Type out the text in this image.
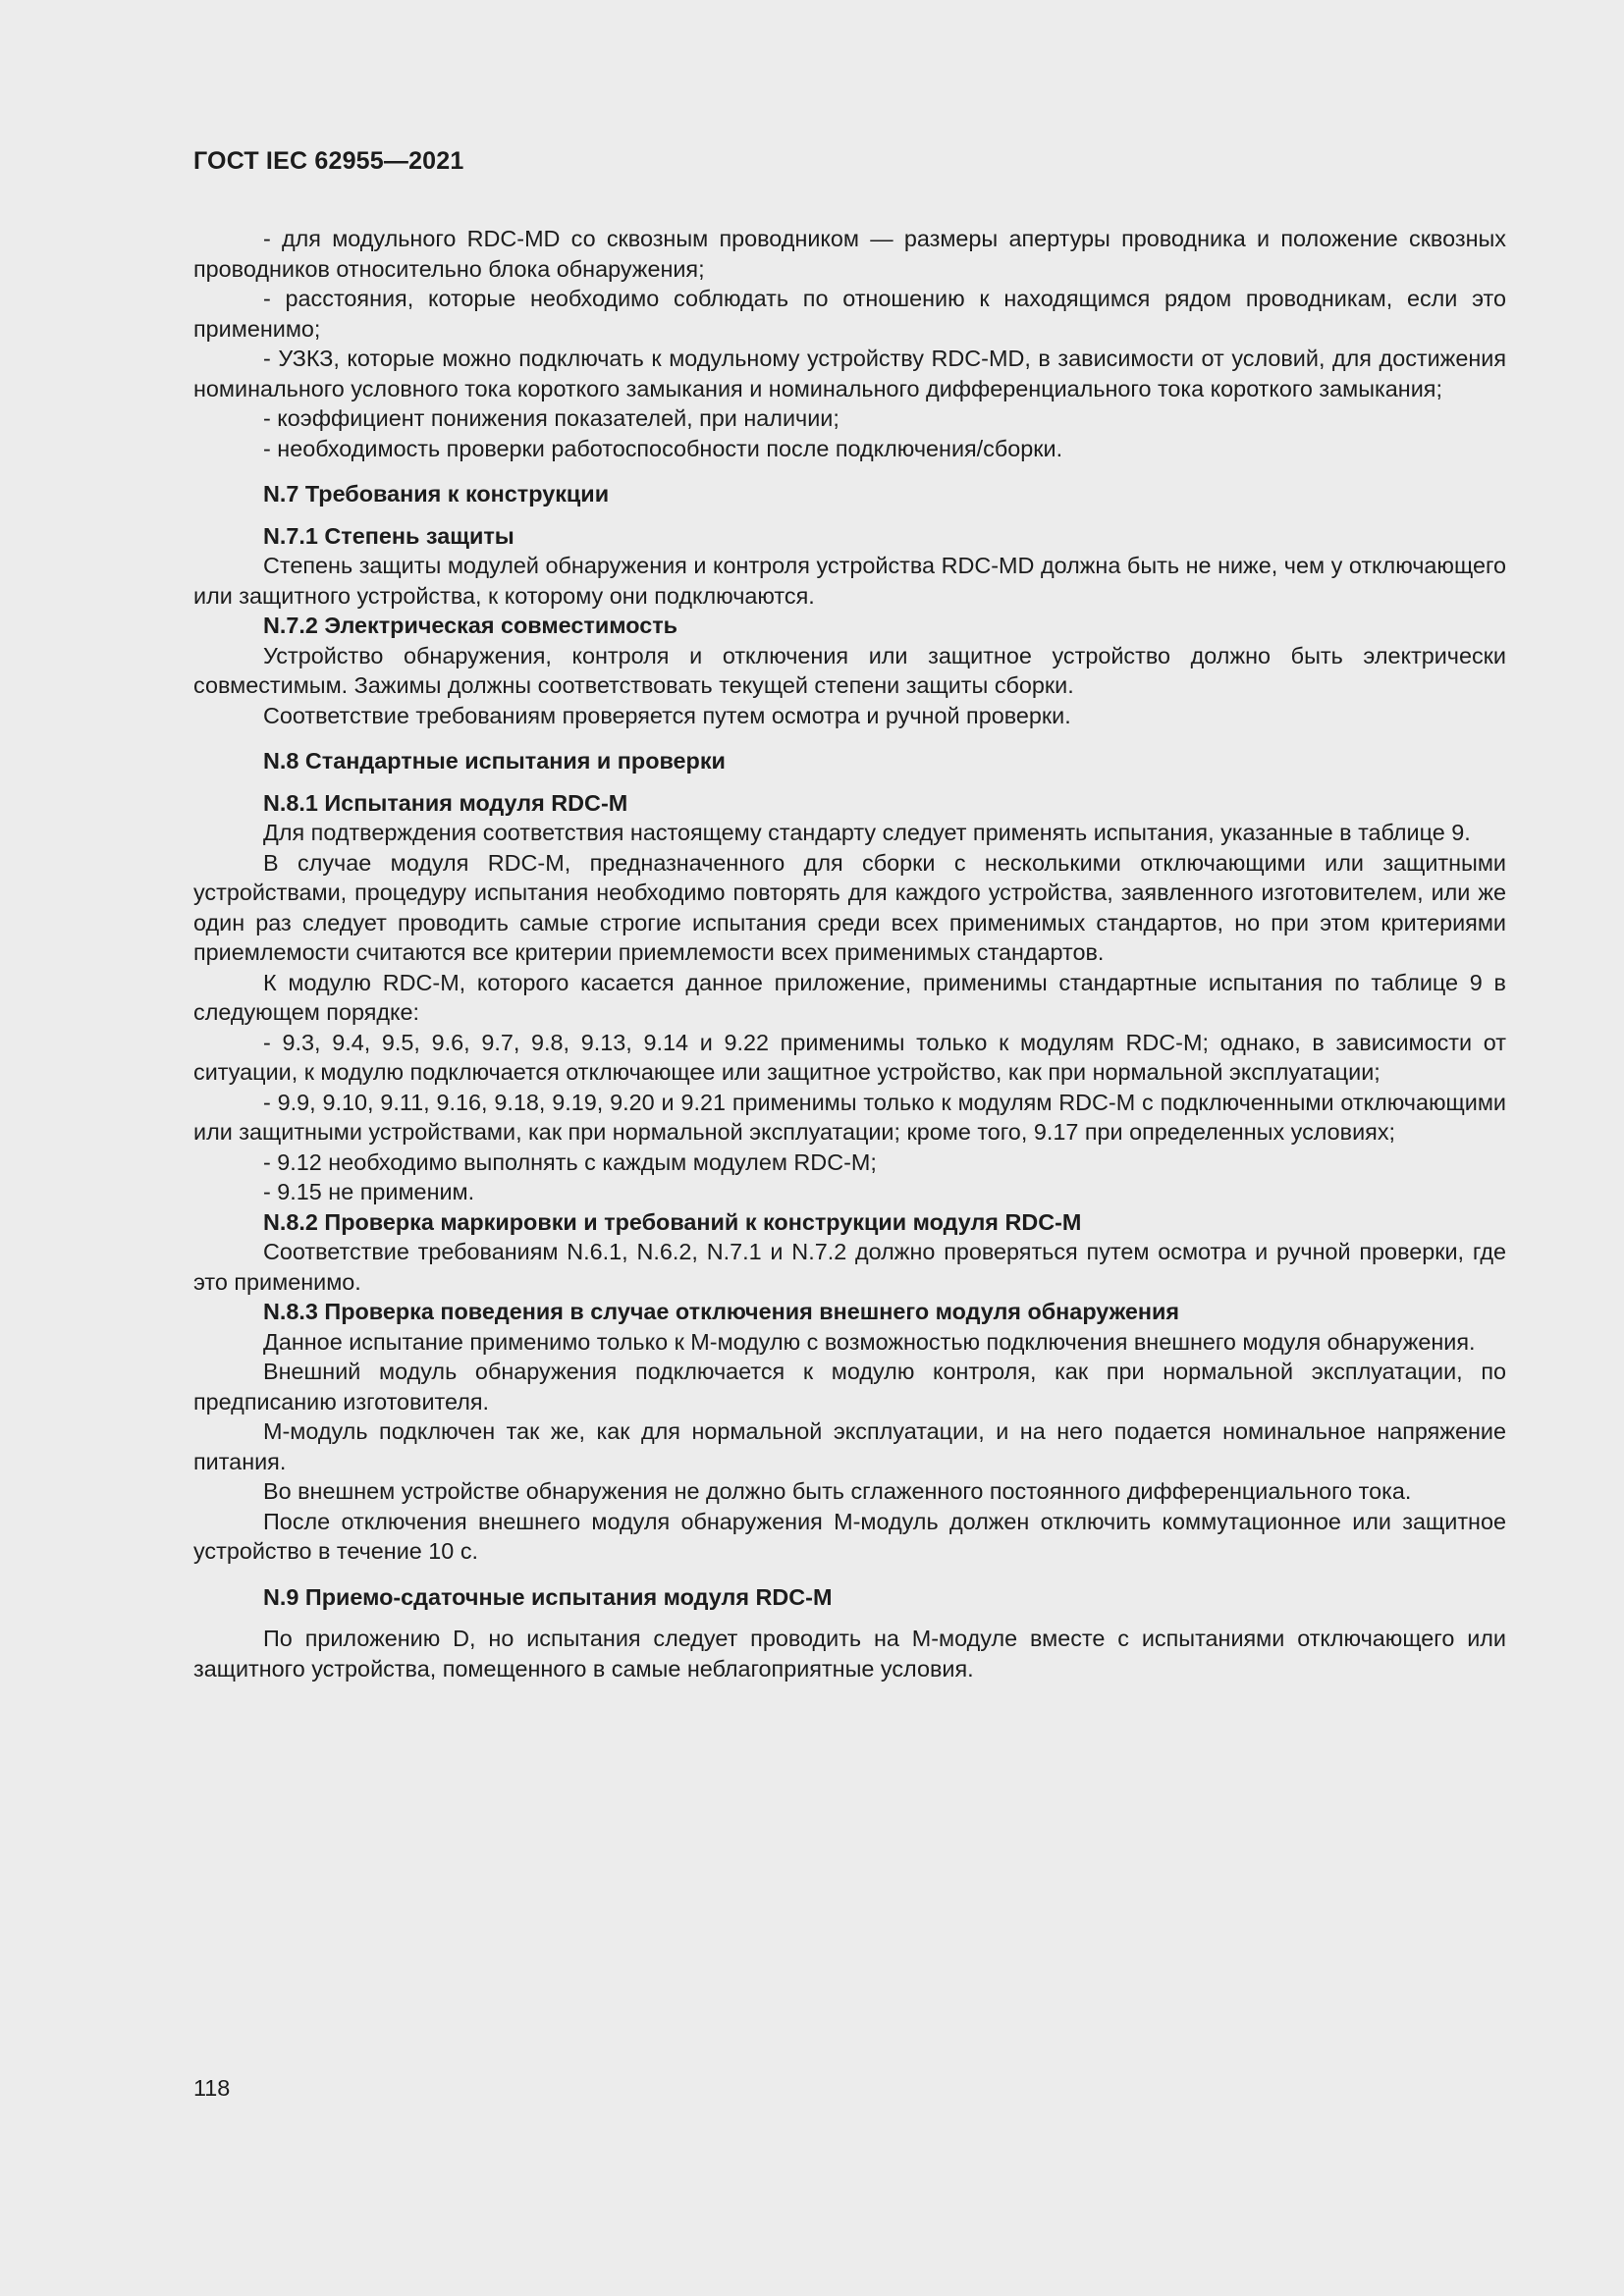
ГОСТ IEC 62955—2021

- для модульного RDC-MD со сквозным проводником — размеры апертуры проводника и положение сквозных проводников относительно блока обнаружения;

- расстояния, которые необходимо соблюдать по отношению к находящимся рядом проводникам, если это применимо;

- УЗКЗ, которые можно подключать к модульному устройству RDC-MD, в зависимости от условий, для достижения номинального условного тока короткого замыкания и номинального дифференциального тока короткого замыкания;

- коэффициент понижения показателей, при наличии;

- необходимость проверки работоспособности после подключения/сборки.

N.7 Требования к конструкции
N.7.1 Степень защиты

Степень защиты модулей обнаружения и контроля устройства RDC-MD должна быть не ниже, чем у отключающего или защитного устройства, к которому они подключаются.

N.7.2 Электрическая совместимость

Устройство обнаружения, контроля и отключения или защитное устройство должно быть электрически совместимым. Зажимы должны соответствовать текущей степени защиты сборки.

Соответствие требованиям проверяется путем осмотра и ручной проверки.

N.8 Стандартные испытания и проверки
N.8.1 Испытания модуля RDC-M

Для подтверждения соответствия настоящему стандарту следует применять испытания, указанные в таблице 9.

В случае модуля RDC-M, предназначенного для сборки с несколькими отключающими или защитными устройствами, процедуру испытания необходимо повторять для каждого устройства, заявленного изготовителем, или же один раз следует проводить самые строгие испытания среди всех применимых стандартов, но при этом критериями приемлемости считаются все критерии приемлемости всех применимых стандартов.

К модулю RDC-M, которого касается данное приложение, применимы стандартные испытания по таблице 9 в следующем порядке:

- 9.3, 9.4, 9.5, 9.6, 9.7, 9.8, 9.13, 9.14 и 9.22 применимы только к модулям RDC-M; однако, в зависимости от ситуации, к модулю подключается отключающее или защитное устройство, как при нормальной эксплуатации;

- 9.9, 9.10, 9.11, 9.16, 9.18, 9.19, 9.20 и 9.21 применимы только к модулям RDC-M с подключенными отключающими или защитными устройствами, как при нормальной эксплуатации; кроме того, 9.17 при определенных условиях;

- 9.12 необходимо выполнять с каждым модулем RDC-M;

- 9.15 не применим.

N.8.2 Проверка маркировки и требований к конструкции модуля RDC-M

Соответствие требованиям N.6.1, N.6.2, N.7.1 и N.7.2 должно проверяться путем осмотра и ручной проверки, где это применимо.

N.8.3 Проверка поведения в случае отключения внешнего модуля обнаружения

Данное испытание применимо только к М-модулю с возможностью подключения внешнего модуля обнаружения.

Внешний модуль обнаружения подключается к модулю контроля, как при нормальной эксплуатации, по предписанию изготовителя.

М-модуль подключен так же, как для нормальной эксплуатации, и на него подается номинальное напряжение питания.

Во внешнем устройстве обнаружения не должно быть сглаженного постоянного дифференциального тока.

После отключения внешнего модуля обнаружения М-модуль должен отключить коммутационное или защитное устройство в течение 10 с.

N.9 Приемо-сдаточные испытания модуля RDC-M

По приложению D, но испытания следует проводить на М-модуле вместе с испытаниями отключающего или защитного устройства, помещенного в самые неблагоприятные условия.

118
